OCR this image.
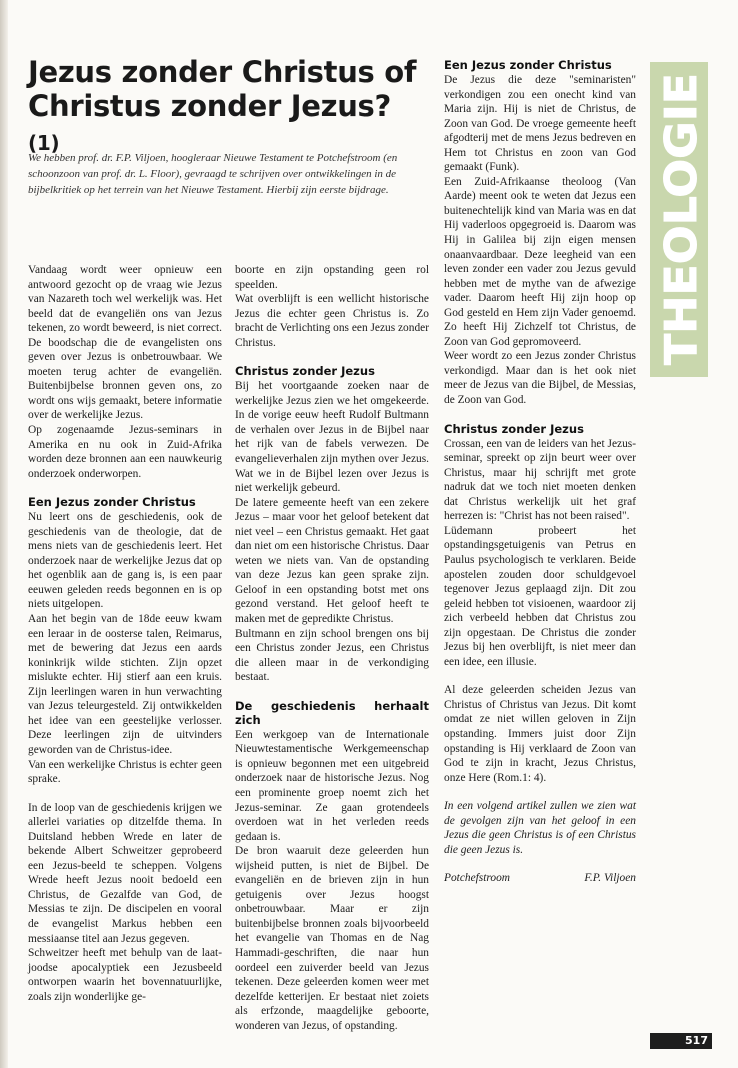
Jezus zonder Christus of Christus zonder Jezus? (1)
We hebben prof. dr. F.P. Viljoen, hoogleraar Nieuwe Testament te Potchefstroom (en schoonzoon van prof. dr. L. Floor), gevraagd te schrijven over ontwikkelingen in de bijbelkritiek op het terrein van het Nieuwe Testament. Hierbij zijn eerste bijdrage.

Vandaag wordt weer opnieuw een antwoord gezocht op de vraag wie Jezus van Nazareth toch wel werkelijk was. Het beeld dat de evangeliën ons van Jezus tekenen, zo wordt beweerd, is niet correct. De boodschap die de evangelisten ons geven over Jezus is onbetrouwbaar. We moeten terug achter de evangeliën. Buitenbijbelse bronnen geven ons, zo wordt ons wijs gemaakt, betere informatie over de werkelijke Jezus.

Op zogenaamde Jezus-seminars in Amerika en nu ook in Zuid-Afrika worden deze bronnen aan een nauwkeurig onderzoek onderworpen.

Een Jezus zonder Christus

Nu leert ons de geschiedenis, ook de geschiedenis van de theologie, dat de mens niets van de geschiedenis leert. Het onderzoek naar de werkelijke Jezus dat op het ogenblik aan de gang is, is een paar eeuwen geleden reeds begonnen en is op niets uitgelopen.

Aan het begin van de 18de eeuw kwam een leraar in de oosterse talen, Reimarus, met de bewering dat Jezus een aards koninkrijk wilde stichten. Zijn opzet mislukte echter. Hij stierf aan een kruis. Zijn leerlingen waren in hun verwachting van Jezus teleurgesteld. Zij ontwikkelden het idee van een geestelijke verlosser. Deze leerlingen zijn de uitvinders geworden van de Christus-idee.

Van een werkelijke Christus is echter geen sprake.

In de loop van de geschiedenis krijgen we allerlei variaties op ditzelfde thema. In Duitsland hebben Wrede en later de bekende Albert Schweitzer geprobeerd een Jezus-beeld te scheppen. Volgens Wrede heeft Jezus nooit bedoeld een Christus, de Gezalfde van God, de Messias te zijn. De discipelen en vooral de evangelist Markus hebben een messiaanse titel aan Jezus gegeven.

Schweitzer heeft met behulp van de laat-joodse apocalyptiek een Jezusbeeld ontworpen waarin het bovennatuurlijke, zoals zijn wonderlijke ge-

boorte en zijn opstanding geen rol speelden.

Wat overblijft is een wellicht historische Jezus die echter geen Christus is. Zo bracht de Verlichting ons een Jezus zonder Christus.

Christus zonder Jezus

Bij het voortgaande zoeken naar de werkelijke Jezus zien we het omgekeerde. In de vorige eeuw heeft Rudolf Bultmann de verhalen over Jezus in de Bijbel naar het rijk van de fabels verwezen. De evangelieverhalen zijn mythen over Jezus. Wat we in de Bijbel lezen over Jezus is niet werkelijk gebeurd.

De latere gemeente heeft van een zekere Jezus – maar voor het geloof betekent dat niet veel – een Christus gemaakt. Het gaat dan niet om een historische Christus. Daar weten we niets van. Van de opstanding van deze Jezus kan geen sprake zijn. Geloof in een opstanding botst met ons gezond verstand. Het geloof heeft te maken met de gepredikte Christus.

Bultmann en zijn school brengen ons bij een Christus zonder Jezus, een Christus die alleen maar in de verkondiging bestaat.

De geschiedenis herhaalt zich

Een werkgoep van de Internationale Nieuwtestamentische Werkgemeenschap is opnieuw begonnen met een uitgebreid onderzoek naar de historische Jezus. Nog een prominente groep noemt zich het Jezus-seminar. Ze gaan grotendeels overdoen wat in het verleden reeds gedaan is.

De bron waaruit deze geleerden hun wijsheid putten, is niet de Bijbel. De evangeliën en de brieven zijn in hun getuigenis over Jezus hoogst onbetrouwbaar. Maar er zijn buitenbijbelse bronnen zoals bijvoorbeeld het evangelie van Thomas en de Nag Hammadi-geschriften, die naar hun oordeel een zuiverder beeld van Jezus tekenen. Deze geleerden komen weer met dezelfde ketterijen. Er bestaat niet zoiets als erfzonde, maagdelijke geboorte, wonderen van Jezus, of opstanding.

Een Jezus zonder Christus

De Jezus die deze "seminaristen" verkondigen zou een onecht kind van Maria zijn. Hij is niet de Christus, de Zoon van God. De vroege gemeente heeft afgodterij met de mens Jezus bedreven en Hem tot Christus en zoon van God gemaakt (Funk).

Een Zuid-Afrikaanse theoloog (Van Aarde) meent ook te weten dat Jezus een buitenechtelijk kind van Maria was en dat Hij vaderloos opgegroeid is. Daarom was Hij in Galilea bij zijn eigen mensen onaanvaardbaar. Deze leegheid van een leven zonder een vader zou Jezus gevuld hebben met de mythe van de afwezige vader. Daarom heeft Hij zijn hoop op God gesteld en Hem zijn Vader genoemd. Zo heeft Hij Zichzelf tot Christus, de Zoon van God gepromoveerd.

Weer wordt zo een Jezus zonder Christus verkondigd. Maar dan is het ook niet meer de Jezus van die Bijbel, de Messias, de Zoon van God.

Christus zonder Jezus

Crossan, een van de leiders van het Jezus-seminar, spreekt op zijn beurt weer over Christus, maar hij schrijft met grote nadruk dat we toch niet moeten denken dat Christus werkelijk uit het graf herrezen is: "Christ has not been raised".

Lüdemann probeert het opstandingsgetuigenis van Petrus en Paulus psychologisch te verklaren. Beide apostelen zouden door schuldgevoel tegenover Jezus geplaagd zijn. Dit zou geleid hebben tot visioenen, waardoor zij zich verbeeld hebben dat Christus zou zijn opgestaan. De Christus die zonder Jezus bij hen overblijft, is niet meer dan een idee, een illusie.

Al deze geleerden scheiden Jezus van Christus of Christus van Jezus. Dit komt omdat ze niet willen geloven in Zijn opstanding. Immers juist door Zijn opstanding is Hij verklaard de Zoon van God te zijn in kracht, Jezus Christus, onze Here (Rom.1: 4).

In een volgend artikel zullen we zien wat de gevolgen zijn van het geloof in een Jezus die geen Christus is of een Christus die geen Jezus is.

Potchefstroom	F.P. Viljoen
THEOLOGIE
517
